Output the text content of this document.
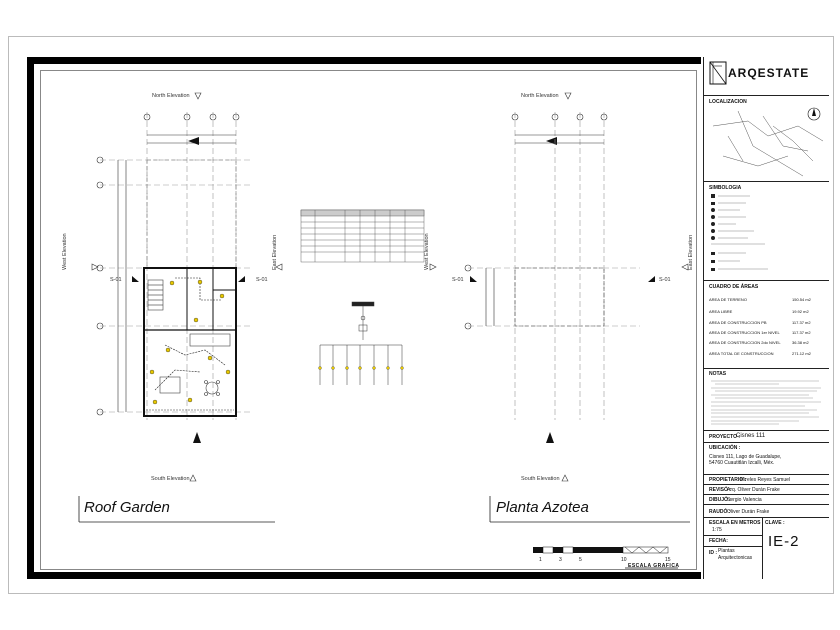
North Elevation	North Elevation
South Elevation	South Elevation
West Elevation	East Elevation	West Elevation	East Elevation
S-01	S-01	S-01	S-01
Roof Garden	Planta Azotea
1	3	5	10	15
ESCALA GRAFICA
ARQESTATE
LOCALIZACION
SIMBOLOGIA
CUADRO DE ÁREAS
AREA DE TERRENO	150.54 m2
AREA LIBRE	19.92 m2
AREA DE CONSTRUCCION PB	117.37 m2
AREA DE CONSTRUCCION 1er NIVEL	117.37 m2
AREA DE CONSTRUCCION 2do NIVEL	36.38 m2
AREA TOTAL DE CONSTRUCCION	271.12 m2
NOTAS
PROYECTO :
Cisnes 111
UBICACIÓN :
Cisnes 111, Lago de Guadalupe, 54760 Cuautitlán Izcalli, Méx.
PROPIETARIO :
Mireles Reyes Samuel
REVISÓ :
Arq. Oliver Durán Frake
DIBUJÓ :
Sergio Valencia
RAUDÓ :
Oliver Durán Frake
ESCALA EN METROS
1:75
CLAVE :
IE-2
FECHA:
ID : Plantas Arquitectonicas
